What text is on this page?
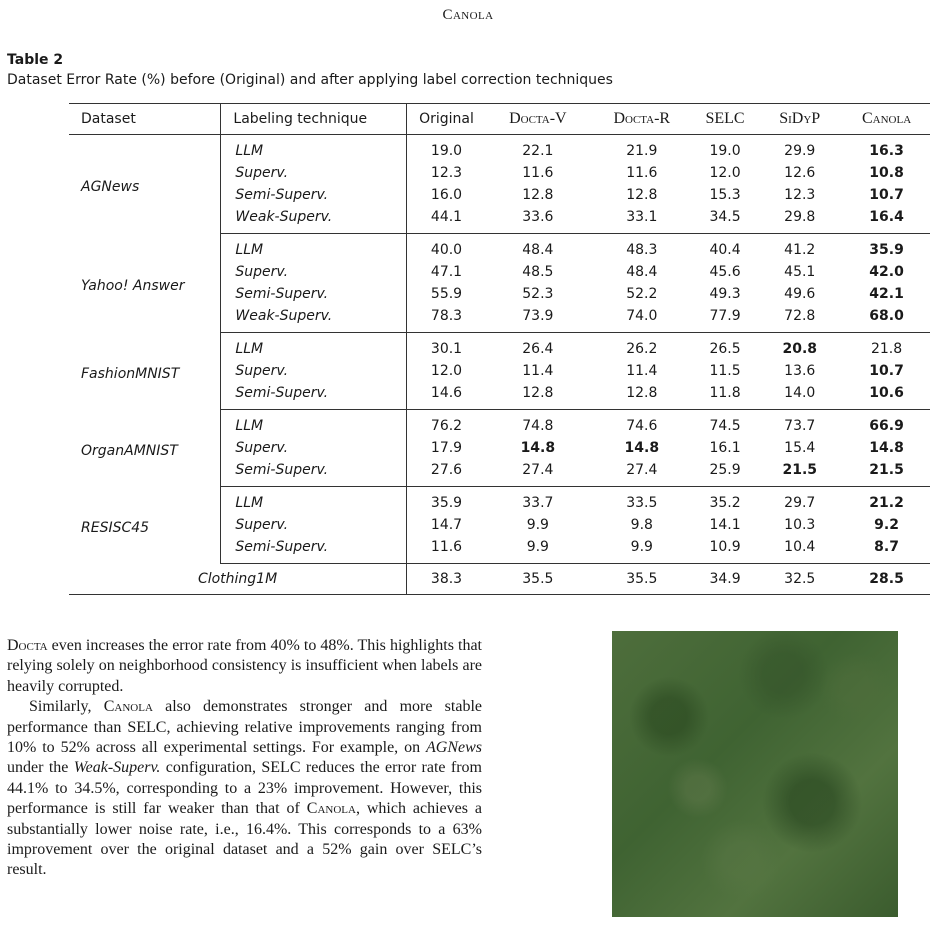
Canola
Table 2
Dataset Error Rate (%) before (Original) and after applying label correction techniques
Dataset	Labeling technique	Original	Docta-V	Docta-R	SELC	SiDyP	Canola
AGNews	LLM	19.0	22.1	21.9	19.0	29.9	16.3
	Superv.	12.3	11.6	11.6	12.0	12.6	10.8
	Semi-Superv.	16.0	12.8	12.8	15.3	12.3	10.7
	Weak-Superv.	44.1	33.6	33.1	34.5	29.8	16.4
Yahoo! Answer	LLM	40.0	48.4	48.3	40.4	41.2	35.9
	Superv.	47.1	48.5	48.4	45.6	45.1	42.0
	Semi-Superv.	55.9	52.3	52.2	49.3	49.6	42.1
	Weak-Superv.	78.3	73.9	74.0	77.9	72.8	68.0
FashionMNIST	LLM	30.1	26.4	26.2	26.5	20.8	21.8
	Superv.	12.0	11.4	11.4	11.5	13.6	10.7
	Semi-Superv.	14.6	12.8	12.8	11.8	14.0	10.6
OrganAMNIST	LLM	76.2	74.8	74.6	74.5	73.7	66.9
	Superv.	17.9	14.8	14.8	16.1	15.4	14.8
	Semi-Superv.	27.6	27.4	27.4	25.9	21.5	21.5
RESISC45	LLM	35.9	33.7	33.5	35.2	29.7	21.2
	Superv.	14.7	9.9	9.8	14.1	10.3	9.2
	Semi-Superv.	11.6	9.9	9.9	10.9	10.4	8.7
Clothing1M		38.3	35.5	35.5	34.9	32.5	28.5

Docta even increases the error rate from 40% to 48%. This highlights that relying solely on neighborhood consistency is insufficient when labels are heavily corrupted.

Similarly, Canola also demonstrates stronger and more stable performance than SELC, achieving relative improvements ranging from 10% to 52% across all experimental settings. For example, on AGNews under the Weak-Superv. configuration, SELC reduces the error rate from 44.1% to 34.5%, corresponding to a 23% improvement. However, this performance is still far weaker than that of Canola, which achieves a substantially lower noise rate, i.e., 16.4%. This corresponds to a 63% improvement over the original dataset and a 52% gain over SELC’s result.
